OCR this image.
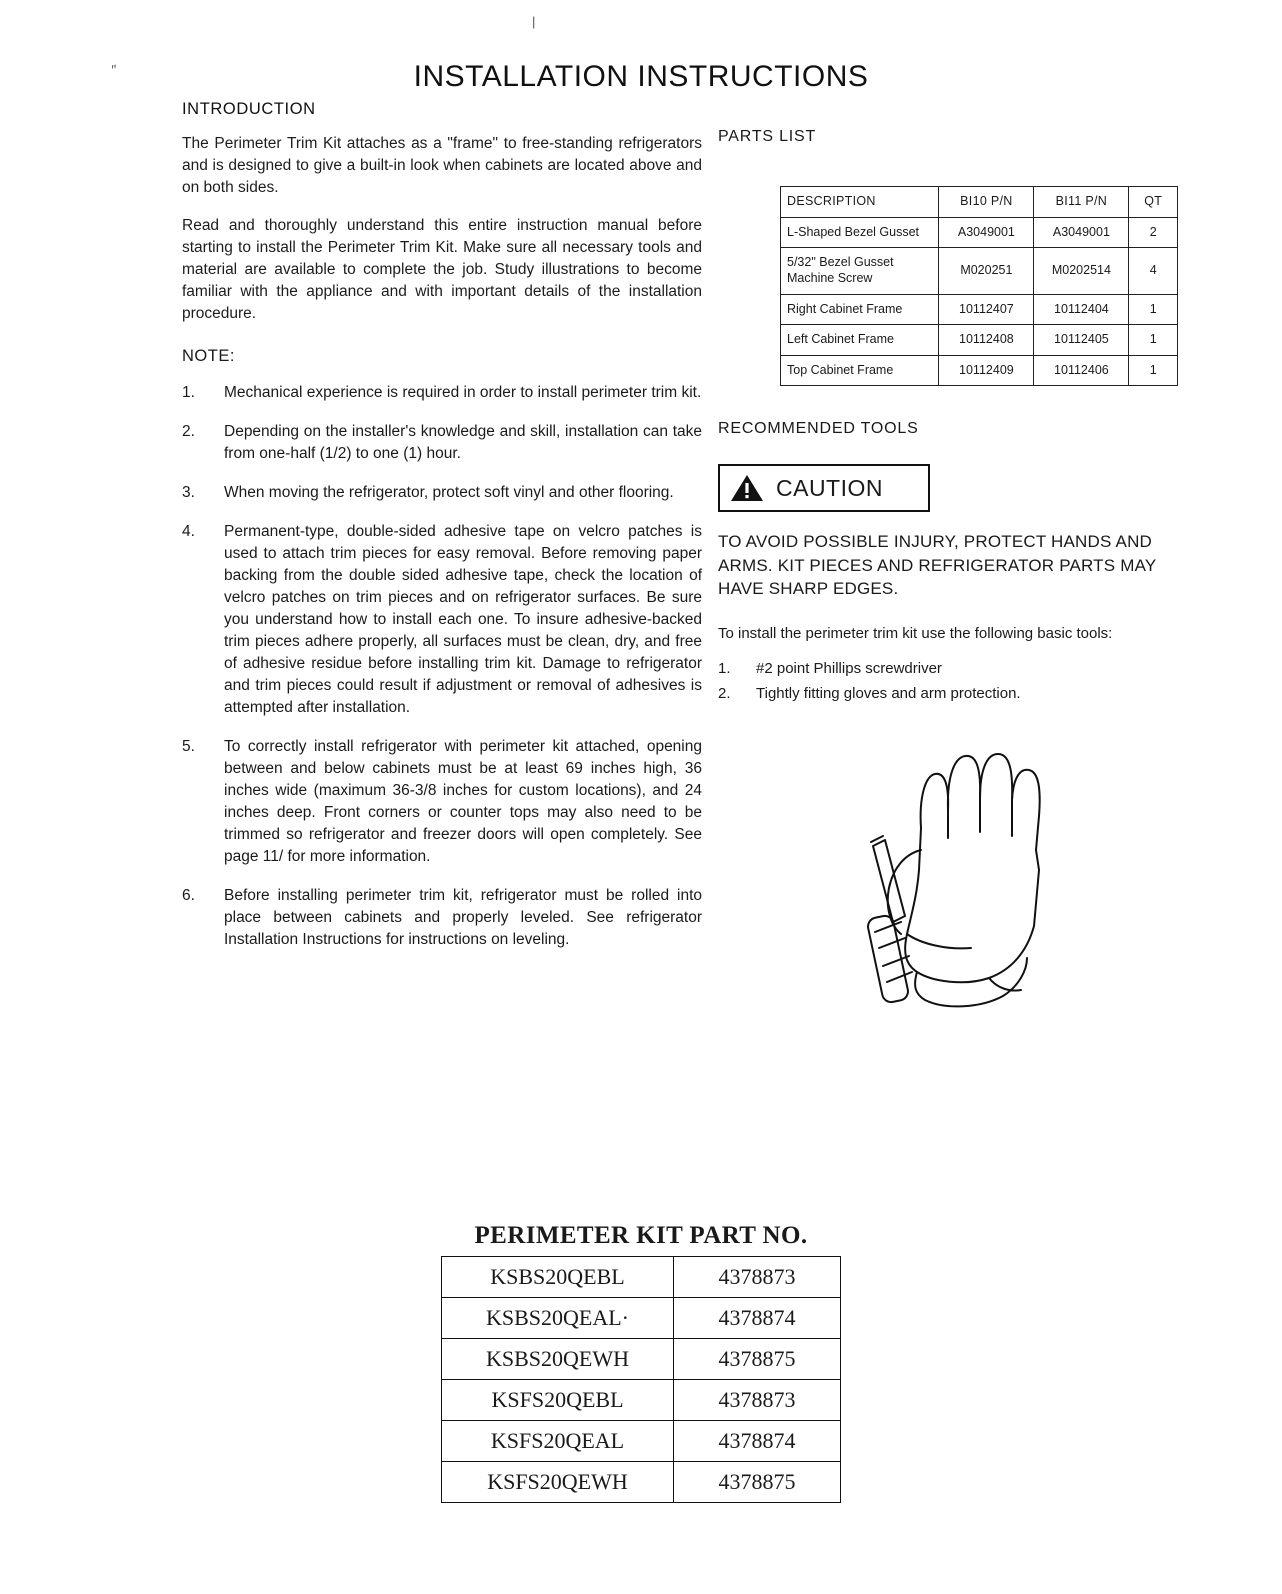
|
′′	INSTALLATION INSTRUCTIONS
INTRODUCTION

The Perimeter Trim Kit attaches as a "frame" to free-standing refrigerators and is designed to give a built-in look when cabinets are located above and on both sides.

Read and thoroughly understand this entire instruction manual before starting to install the Perimeter Trim Kit. Make sure all necessary tools and material are available to complete the job. Study illustrations to become familiar with the appliance and with important details of the installation procedure.

NOTE:
1.	Mechanical experience is required in order to install perimeter trim kit.
2.	Depending on the installer's knowledge and skill, installation can take from one-half (1/2) to one (1) hour.
3.	When moving the refrigerator, protect soft vinyl and other flooring.
4.	Permanent-type, double-sided adhesive tape on velcro patches is used to attach trim pieces for easy removal. Before removing paper backing from the double sided adhesive tape, check the location of velcro patches on trim pieces and on refrigerator surfaces. Be sure you understand how to install each one. To insure adhesive-backed trim pieces adhere properly, all surfaces must be clean, dry, and free of adhesive residue before installing trim kit. Damage to refrigerator and trim pieces could result if adjustment or removal of adhesives is attempted after installation.
5.	To correctly install refrigerator with perimeter kit attached, opening between and below cabinets must be at least 69 inches high, 36 inches wide (maximum 36-3/8 inches for custom locations), and 24 inches deep. Front corners or counter tops may also need to be trimmed so refrigerator and freezer doors will open completely. See page 11/ for more information.
6.	Before installing perimeter trim kit, refrigerator must be rolled into place between cabinets and properly leveled. See refrigerator Installation Instructions for instructions on leveling.
PARTS LIST
DESCRIPTION	BI10 P/N	BI11 P/N	QT
L-Shaped Bezel Gusset	A3049001	A3049001	2
5/32" Bezel Gusset Machine Screw	M020251	M0202514	4
Right Cabinet Frame	10112407	10112404	1
Left Cabinet Frame	10112408	10112405	1
Top Cabinet Frame	10112409	10112406	1
RECOMMENDED TOOLS
CAUTION
TO AVOID POSSIBLE INJURY, PROTECT HANDS AND ARMS. KIT PIECES AND REFRIGERATOR PARTS MAY HAVE SHARP EDGES.
To install the perimeter trim kit use the following basic tools:
1.	#2 point Phillips screwdriver
2.	Tightly fitting gloves and arm protection.
PERIMETER KIT PART NO.
KSBS20QEBL	4378873
KSBS20QEAL·	4378874
KSBS20QEWH	4378875
KSFS20QEBL	4378873
KSFS20QEAL	4378874
KSFS20QEWH	4378875
